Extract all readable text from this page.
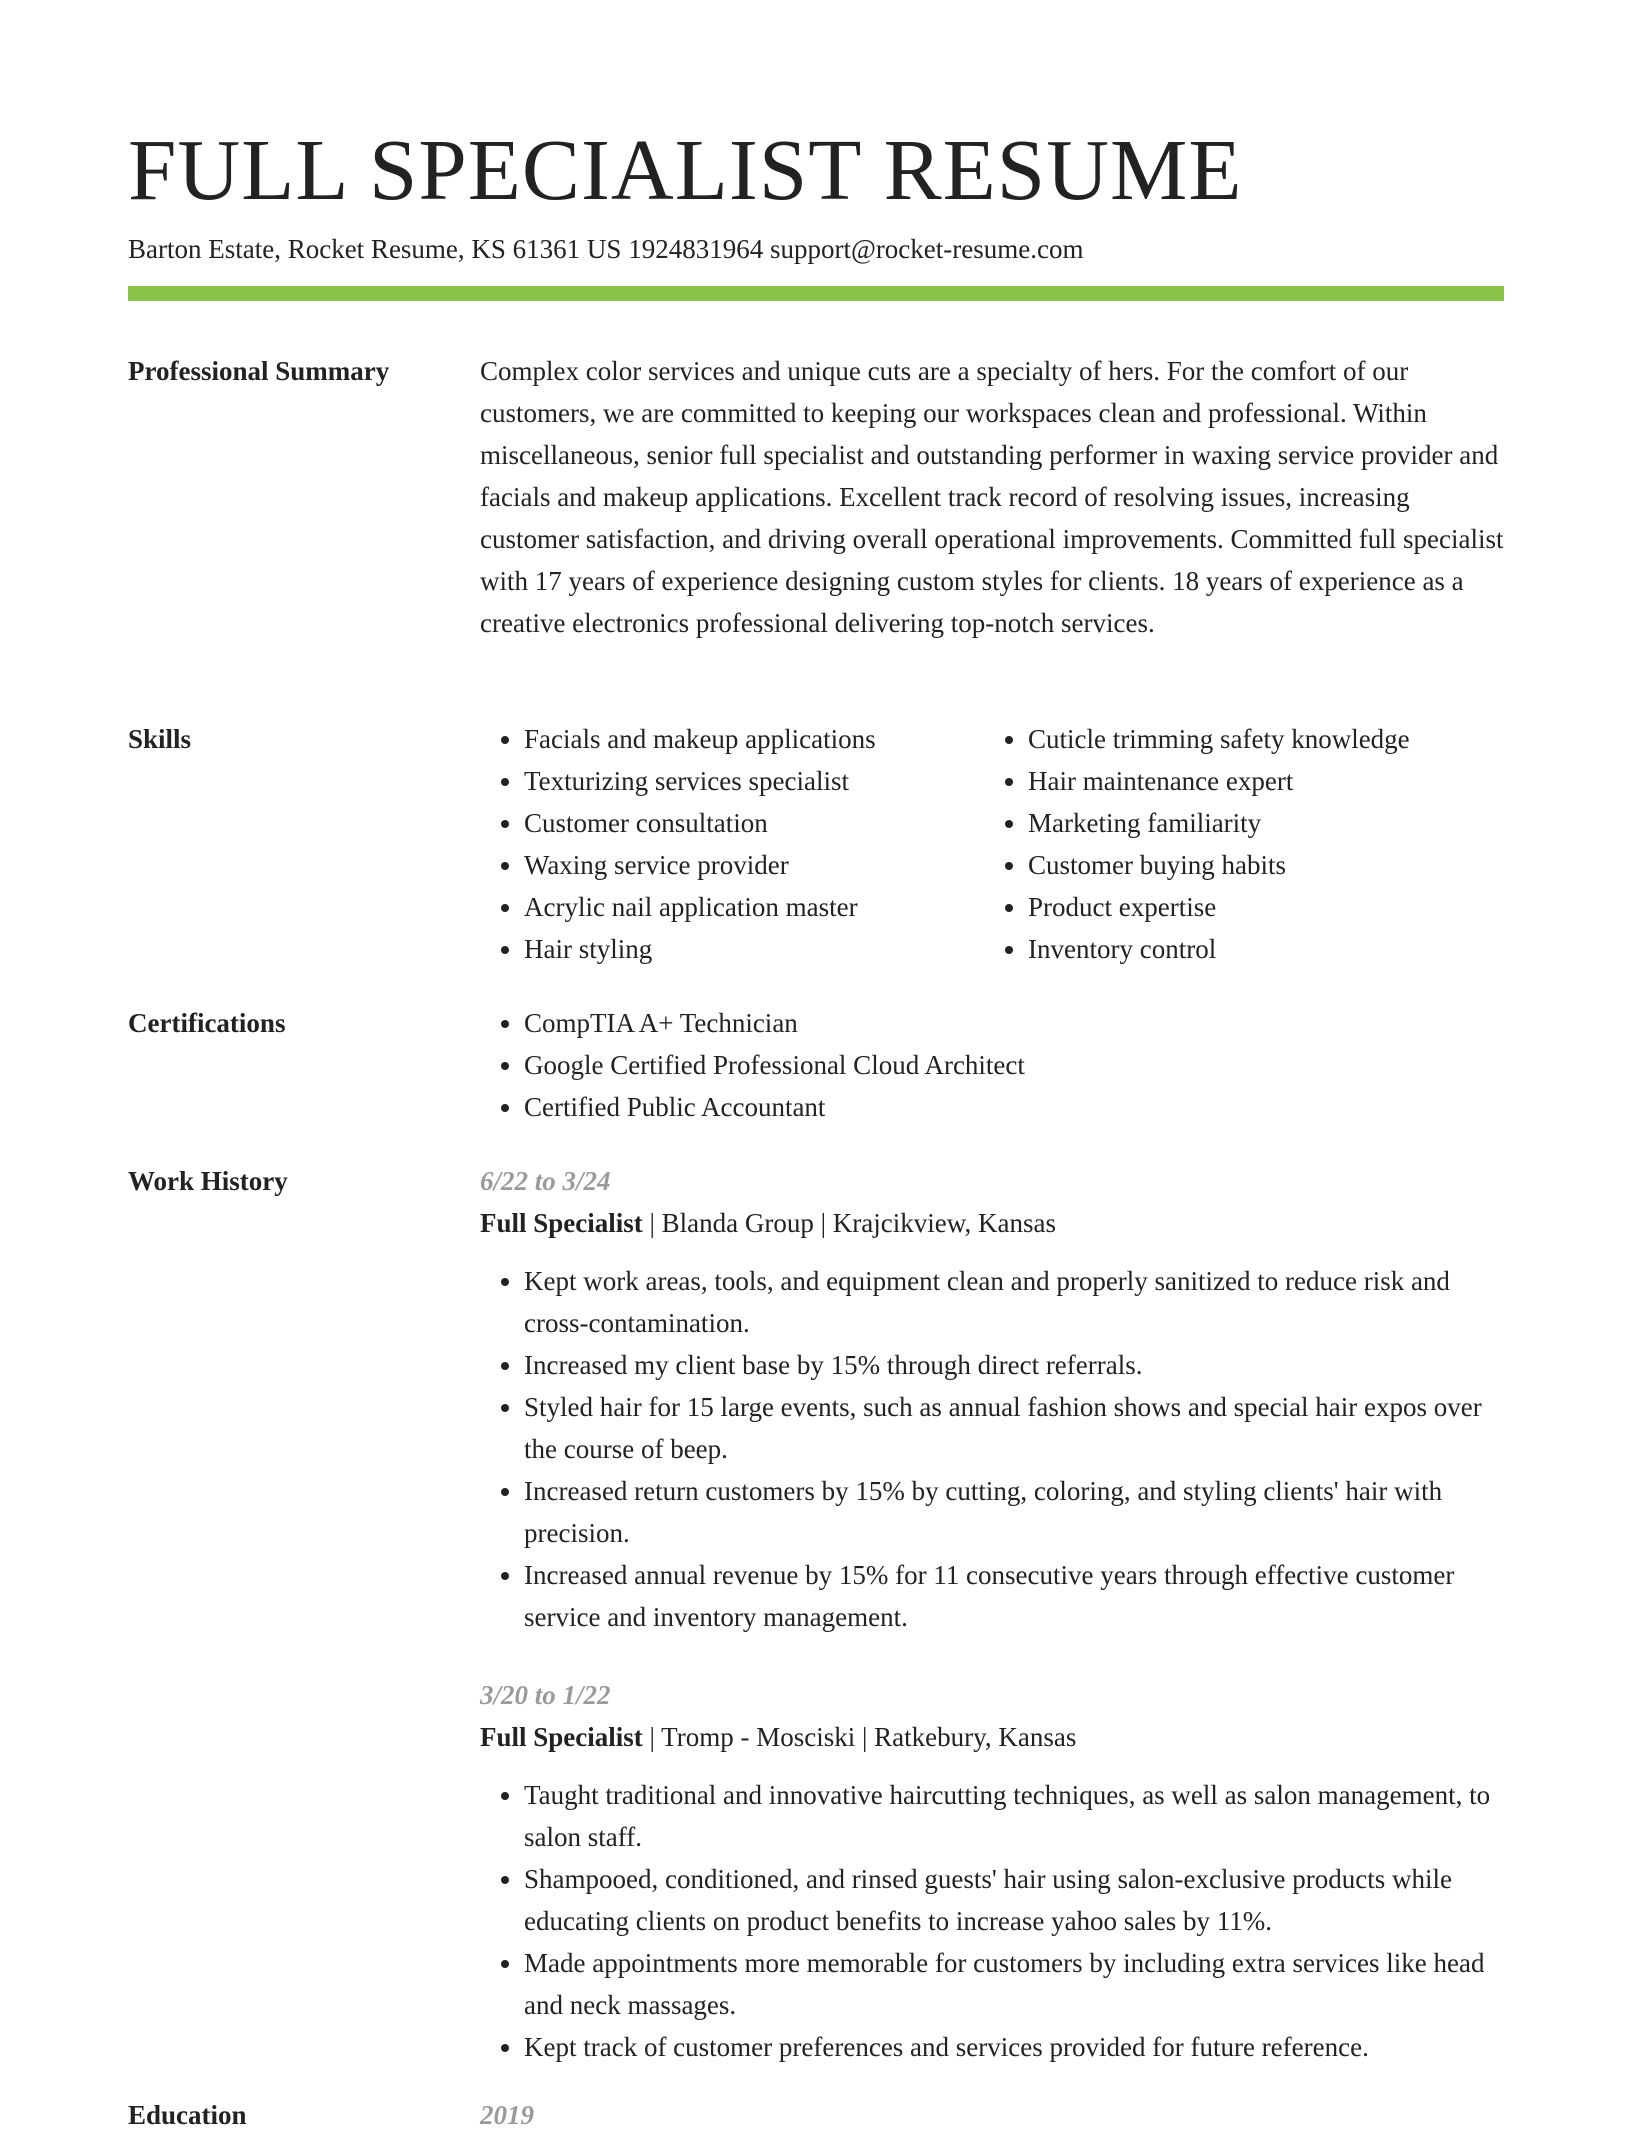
FULL SPECIALIST RESUME
Barton Estate, Rocket Resume, KS 61361 US 1924831964 support@rocket-resume.com
Professional Summary	Complex color services and unique cuts are a specialty of hers. For the comfort of our customers, we are committed to keeping our workspaces clean and professional. Within miscellaneous, senior full specialist and outstanding performer in waxing service provider and facials and makeup applications. Excellent track record of resolving issues, increasing customer satisfaction, and driving overall operational improvements. Committed full specialist with 17 years of experience designing custom styles for clients. 18 years of experience as a creative electronics professional delivering top-notch services.

Skills	• Facials and makeup applications
• Texturizing services specialist
• Customer consultation
• Waxing service provider
• Acrylic nail application master
• Hair styling
• Cuticle trimming safety knowledge
• Hair maintenance expert
• Marketing familiarity
• Customer buying habits
• Product expertise
• Inventory control
Certifications	• CompTIA A+ Technician
• Google Certified Professional Cloud Architect
• Certified Public Accountant
Work History	6/22 to 3/24
Full Specialist | Blanda Group | Krajcikview, Kansas
• Kept work areas, tools, and equipment clean and properly sanitized to reduce risk and cross-contamination.
• Increased my client base by 15% through direct referrals.
• Styled hair for 15 large events, such as annual fashion shows and special hair expos over the course of beep.
• Increased return customers by 15% by cutting, coloring, and styling clients' hair with precision.
• Increased annual revenue by 15% for 11 consecutive years through effective customer service and inventory management.
3/20 to 1/22
Full Specialist | Tromp - Mosciski | Ratkebury, Kansas
• Taught traditional and innovative haircutting techniques, as well as salon management, to salon staff.
• Shampooed, conditioned, and rinsed guests' hair using salon-exclusive products while educating clients on product benefits to increase yahoo sales by 11%.
• Made appointments more memorable for customers by including extra services like head and neck massages.
• Kept track of customer preferences and services provided for future reference.
Education	2019
